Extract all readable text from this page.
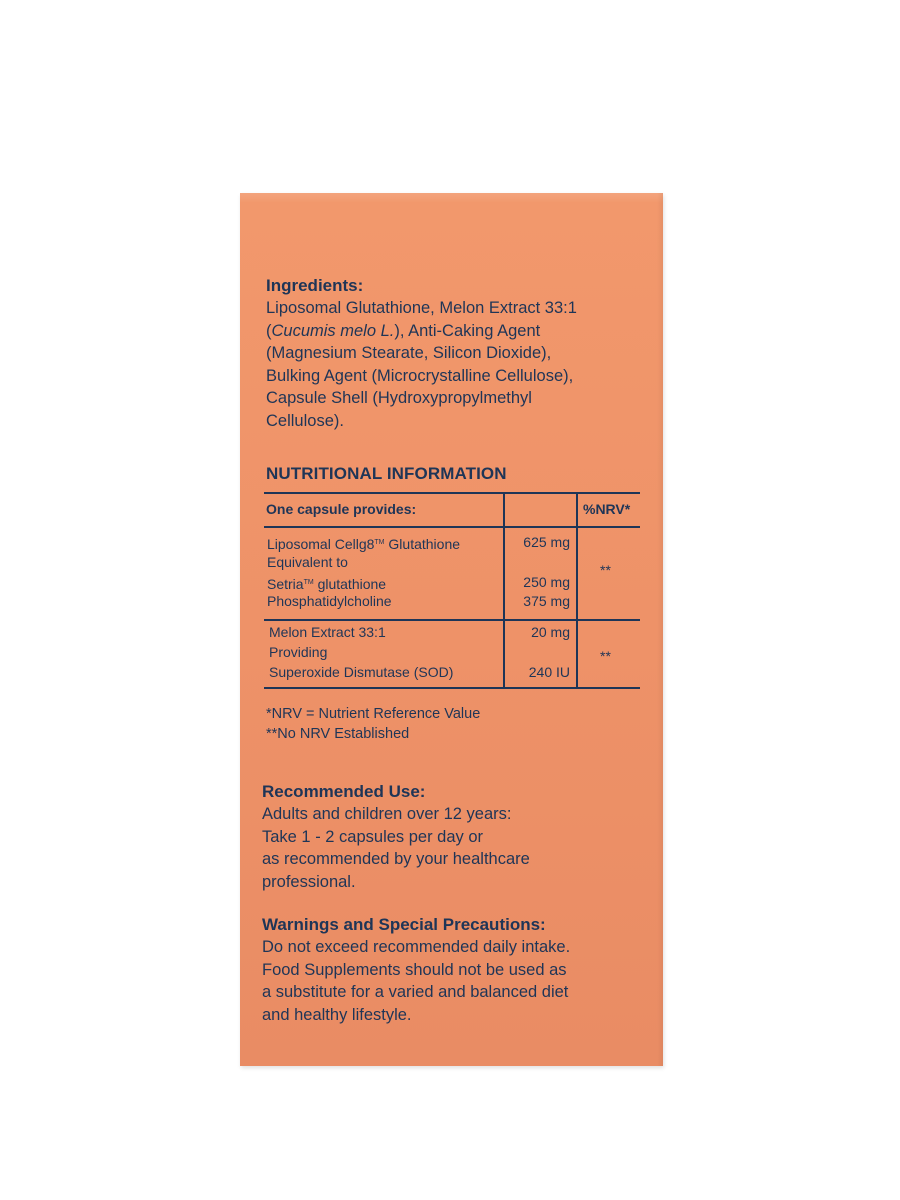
Ingredients:
Liposomal Glutathione, Melon Extract 33:1
(Cucumis melo L.), Anti-Caking Agent
(Magnesium Stearate, Silicon Dioxide),
Bulking Agent (Microcrystalline Cellulose),
Capsule Shell (Hydroxypropylmethyl
Cellulose).
NUTRITIONAL INFORMATION
One capsule provides:	%NRV*
Liposomal Cellg8™ Glutathione	625 mg
Equivalent to
Setria™ glutathione	250 mg
Phosphatidylcholine	375 mg
**
Melon Extract 33:1	20 mg
Providing
Superoxide Dismutase (SOD)	240 IU
**
*NRV = Nutrient Reference Value
**No NRV Established
Recommended Use:
Adults and children over 12 years:
Take 1 - 2 capsules per day or
as recommended by your healthcare
professional.
Warnings and Special Precautions:
Do not exceed recommended daily intake.
Food Supplements should not be used as
a substitute for a varied and balanced diet
and healthy lifestyle.
